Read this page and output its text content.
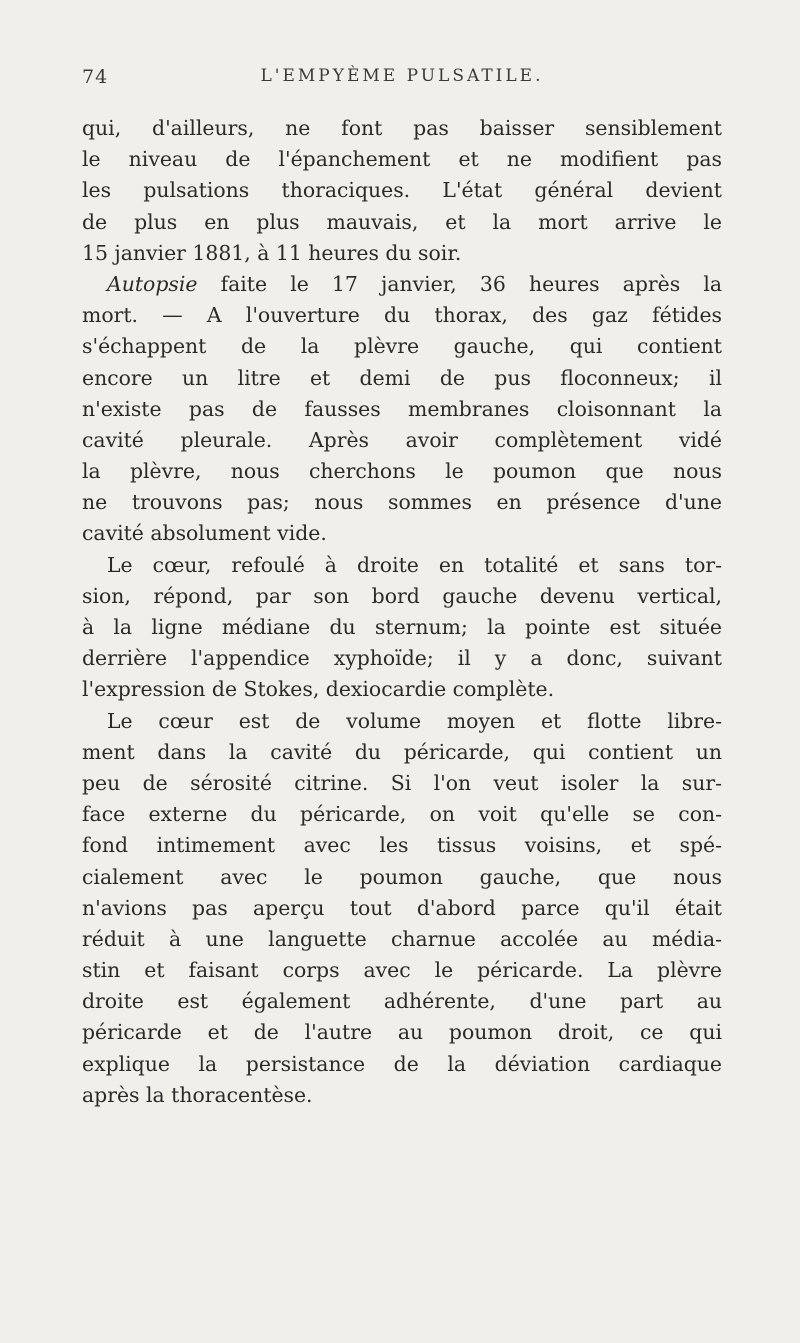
74	L'EMPYÈME PULSATILE.
qui, d'ailleurs, ne font pas baisser sensiblement
le niveau de l'épanchement et ne modifient pas
les pulsations thoraciques. L'état général devient
de plus en plus mauvais, et la mort arrive le
15 janvier 1881, à 11 heures du soir.
Autopsie faite le 17 janvier, 36 heures après la
mort. — A l'ouverture du thorax, des gaz fétides
s'échappent de la plèvre gauche, qui contient
encore un litre et demi de pus floconneux; il
n'existe pas de fausses membranes cloisonnant la
cavité pleurale. Après avoir complètement vidé
la plèvre, nous cherchons le poumon que nous
ne trouvons pas; nous sommes en présence d'une
cavité absolument vide.
Le cœur, refoulé à droite en totalité et sans tor-
sion, répond, par son bord gauche devenu vertical,
à la ligne médiane du sternum; la pointe est située
derrière l'appendice xyphoïde; il y a donc, suivant
l'expression de Stokes, dexiocardie complète.
Le cœur est de volume moyen et flotte libre-
ment dans la cavité du péricarde, qui contient un
peu de sérosité citrine. Si l'on veut isoler la sur-
face externe du péricarde, on voit qu'elle se con-
fond intimement avec les tissus voisins, et spé-
cialement avec le poumon gauche, que nous
n'avions pas aperçu tout d'abord parce qu'il était
réduit à une languette charnue accolée au média-
stin et faisant corps avec le péricarde. La plèvre
droite est également adhérente, d'une part au
péricarde et de l'autre au poumon droit, ce qui
explique la persistance de la déviation cardiaque
après la thoracentèse.
